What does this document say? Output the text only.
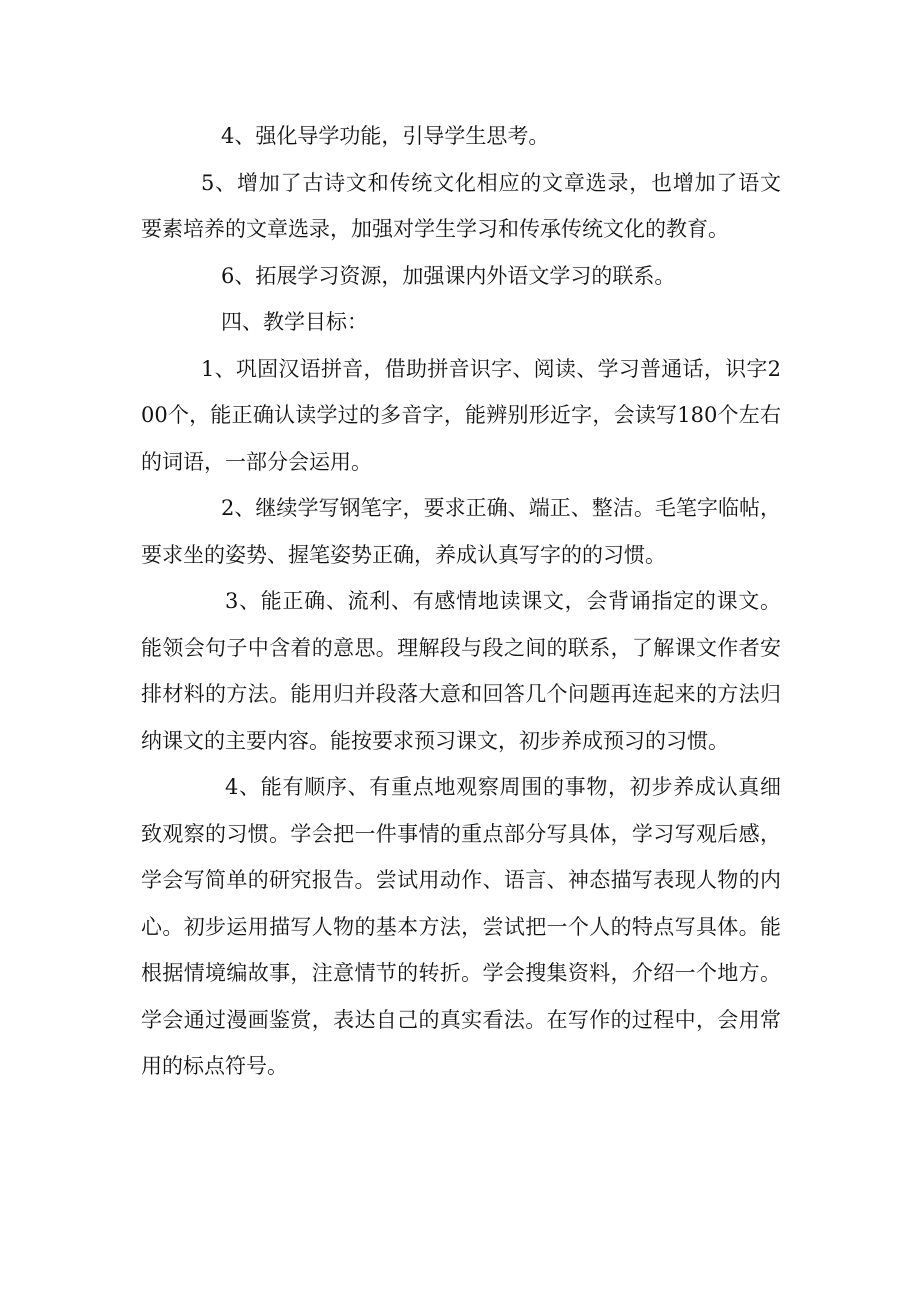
4、强化导学功能，引导学生思考。

5、增加了古诗文和传统文化相应的文章选录，也增加了语文要素培养的文章选录，加强对学生学习和传承传统文化的教育。

6、拓展学习资源，加强课内外语文学习的联系。

四、教学目标：

1、巩固汉语拼音，借助拼音识字、阅读、学习普通话，识字200个，能正确认读学过的多音字，能辨别形近字，会读写180个左右的词语，一部分会运用。

2、继续学写钢笔字，要求正确、端正、整洁。毛笔字临帖，要求坐的姿势、握笔姿势正确，养成认真写字的的习惯。

3、能正确、流利、有感情地读课文，会背诵指定的课文。能领会句子中含着的意思。理解段与段之间的联系，了解课文作者安排材料的方法。能用归并段落大意和回答几个问题再连起来的方法归纳课文的主要内容。能按要求预习课文，初步养成预习的习惯。

4、能有顺序、有重点地观察周围的事物，初步养成认真细致观察的习惯。学会把一件事情的重点部分写具体，学习写观后感，学会写简单的研究报告。尝试用动作、语言、神态描写表现人物的内心。初步运用描写人物的基本方法，尝试把一个人的特点写具体。能根据情境编故事，注意情节的转折。学会搜集资料，介绍一个地方。学会通过漫画鉴赏，表达自己的真实看法。在写作的过程中，会用常用的标点符号。
